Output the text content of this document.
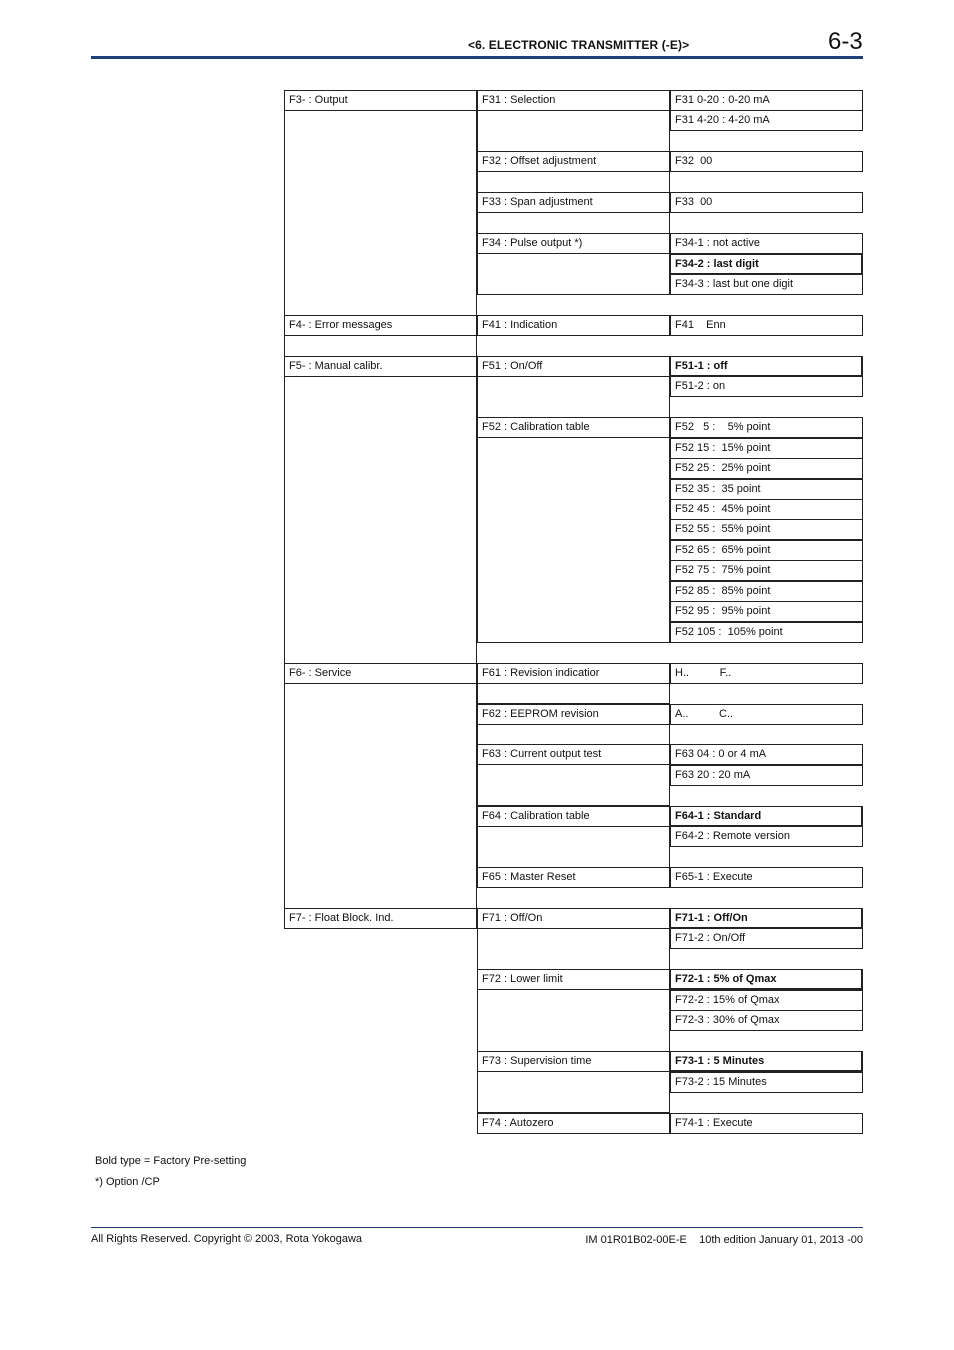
<6. ELECTRONIC TRANSMITTER (-E)>	6-3
F31 0-20 : 0-20 mA
F31 4-20 : 4-20 mA
F31 : Selection
F32  00
F32 : Offset adjustment
F33  00
F33 : Span adjustment
F34-1 : not active
F34-2 : last digit
F34-3 : last but one digit
F34 : Pulse output *)
F3- : Output
F41    Enn
F41 : Indication
F4- : Error messages
F51-1 : off
F51-2 : on
F51 : On/Off
F52   5 :    5% point
F52 15 :  15% point
F52 25 :  25% point
F52 35 :  35 point
F52 45 :  45% point
F52 55 :  55% point
F52 65 :  65% point
F52 75 :  75% point
F52 85 :  85% point
F52 95 :  95% point
F52 105 :  105% point
F52 : Calibration table
F5- : Manual calibr.
H..          F..
F61 : Revision indicatior
A..          C..
F62 : EEPROM revision
F63 04 : 0 or 4 mA
F63 20 : 20 mA
F63 : Current output test
F64-1 : Standard
F64-2 : Remote version
F64 : Calibration table
F65-1 : Execute
F65 : Master Reset
F6- : Service
F71-1 : Off/On
F71-2 : On/Off
F71 : Off/On
F72-1 : 5% of Qmax
F72-2 : 15% of Qmax
F72-3 : 30% of Qmax
F72 : Lower limit
F73-1 : 5 Minutes
F73-2 : 15 Minutes
F73 : Supervision time
F74-1 : Execute
F74 : Autozero
F7- : Float Block. Ind.
Bold type = Factory Pre-setting
*) Option /CP
All Rights Reserved. Copyright © 2003, Rota Yokogawa	IM 01R01B02-00E-E    10th edition January 01, 2013 -00
